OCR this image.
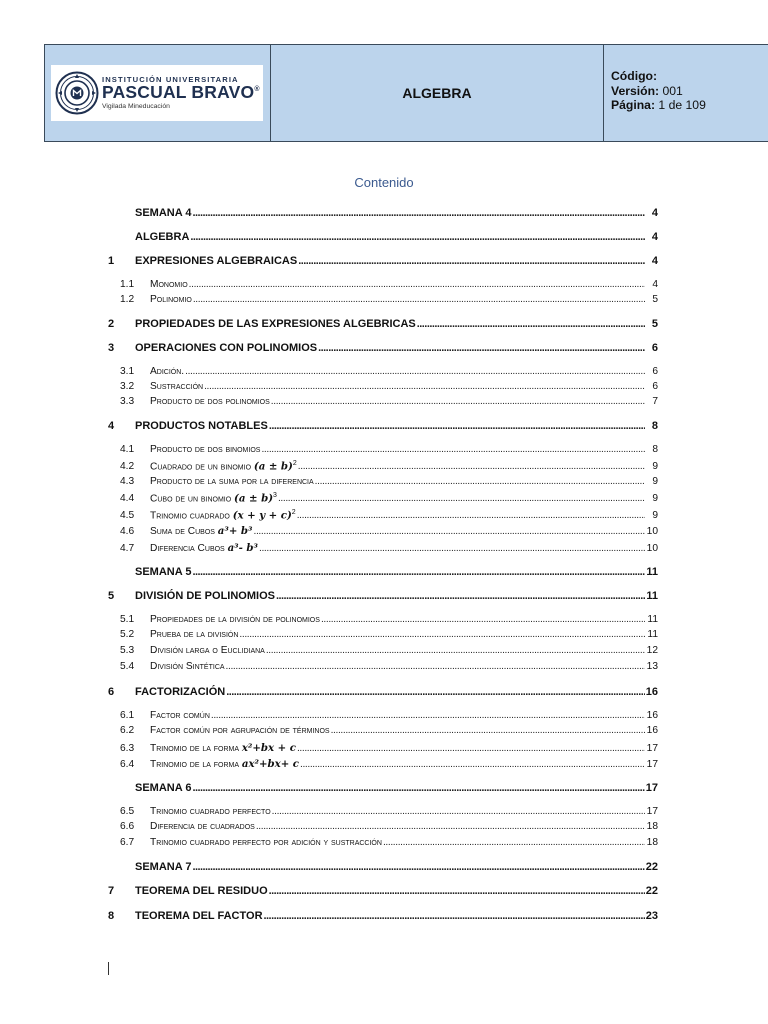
INSTITUCIÓN UNIVERSITARIA
PASCUAL BRAVO®
Vigilada Mineducación
ALGEBRA
Código:
Versión: 001
Página: 1 de 109
Contenido
SEMANA 4 . . .	4
ALGEBRA . . .	4
1	EXPRESIONES ALGEBRAICAS . . .	4
1.1	Monomio . . .	4
1.2	Polinomio . . .	5
2	PROPIEDADES DE LAS EXPRESIONES ALGEBRICAS . . .	5
3	OPERACIONES CON POLINOMIOS . . .	6
3.1	Adición. . . .	6
3.2	Sustracción . . .	6
3.3	Producto de dos polinomios . . .	7
4	PRODUCTOS NOTABLES . . .	8
4.1	Producto de dos binomios . . .	8
4.2	Cuadrado de un binomio $(a \pm b)^2$ . . .	9
4.3	Producto de la suma por la diferencia . . .	9
4.4	Cubo de un binomio $(a \pm b)^3$ . . .	9
4.5	Trinomio cuadrado $(x + y + c)^2$ . . .	9
4.6	Suma de Cubos a³+ b³ . . .	10
4.7	Diferencia Cubos a³- b³ . . .	10
SEMANA 5 . . .	11
5	DIVISIÓN DE POLINOMIOS . . .	11
5.1	Propiedades de la división de polinomios . . .	11
5.2	Prueba de la división . . .	11
5.3	División larga o Euclidiana . . .	12
5.4	División Sintética . . .	13
6	FACTORIZACIÓN . . .	16
6.1	Factor común . . .	16
6.2	Factor común por agrupación de términos . . .	16
6.3	Trinomio de la forma x²+bx + c . . .	17
6.4	Trinomio de la forma ax²+bx+ c . . .	17
SEMANA 6 . . .	17
6.5	Trinomio cuadrado perfecto . . .	17
6.6	Diferencia de cuadrados . . .	18
6.7	Trinomio cuadrado perfecto por adición y sustracción . . .	18
SEMANA 7 . . .	22
7	TEOREMA DEL RESIDUO . . .	22
8	TEOREMA DEL FACTOR . . .	23
